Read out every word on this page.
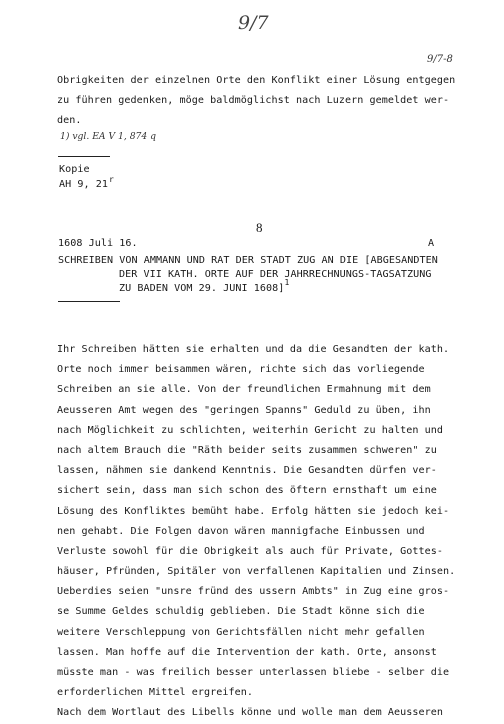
9/7
9/7-8
Obrigkeiten der einzelnen Orte den Konflikt einer Lösung entgegen
zu führen gedenken, möge baldmöglichst nach Luzern gemeldet wer-
den.
1) vgl. EA V 1, 874 q
Kopie
AH 9, 21$^r$
8
1608 Juli 16.	A
SCHREIBEN VON AMMANN UND RAT DER STADT ZUG AN DIE [ABGESANDTEN
DER VII KATH. ORTE AUF DER JAHRRECHNUNGS-TAGSATZUNG
ZU BADEN VOM 29. JUNI 1608]$^1$
Ihr Schreiben hätten sie erhalten und da die Gesandten der kath.
Orte noch immer beisammen wären, richte sich das vorliegende
Schreiben an sie alle. Von der freundlichen Ermahnung mit dem
Aeusseren Amt wegen des "geringen Spanns" Geduld zu üben, ihn
nach Möglichkeit zu schlichten, weiterhin Gericht zu halten und
nach altem Brauch die "Räth beider seits zusammen schweren" zu
lassen, nähmen sie dankend Kenntnis. Die Gesandten dürfen ver-
sichert sein, dass man sich schon des öftern ernsthaft um eine
Lösung des Konfliktes bemüht habe. Erfolg hätten sie jedoch kei-
nen gehabt. Die Folgen davon wären mannigfache Einbussen und
Verluste sowohl für die Obrigkeit als auch für Private, Gottes-
häuser, Pfründen, Spitäler von verfallenen Kapitalien und Zinsen.
Ueberdies seien "unsre fründ des ussern Ambts" in Zug eine gros-
se Summe Geldes schuldig geblieben. Die Stadt könne sich die
weitere Verschleppung von Gerichtsfällen nicht mehr gefallen
lassen. Man hoffe auf die Intervention der kath. Orte, ansonst
müsste man - was freilich besser unterlassen bliebe - selber die
erforderlichen Mittel ergreifen.
Nach dem Wortlaut des Libells könne und wolle man dem Aeusseren
